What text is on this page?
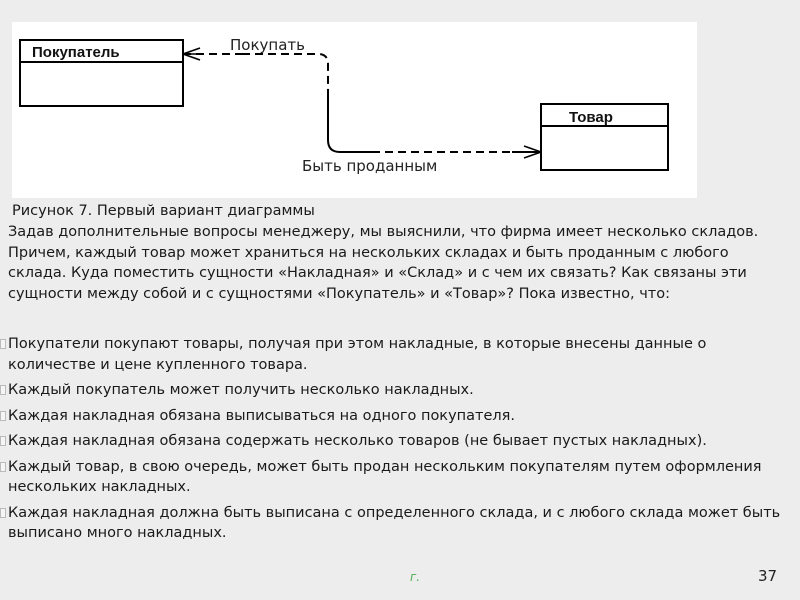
Покупатель
Товар
Покупать
Быть проданным
Рисунок 7. Первый вариант диаграммы
Задав дополнительные вопросы менеджеру, мы выяснили, что фирма имеет несколько складов. Причем, каждый товар может храниться на нескольких складах и быть проданным с любого склада. Куда поместить сущности «Накладная» и «Склад» и с чем их связать? Как связаны эти сущности между собой и с сущностями «Покупатель» и «Товар»? Пока известно, что:
Покупатели покупают товары, получая при этом накладные, в которые внесены данные о количестве и цене купленного товара.
Каждый покупатель может получить несколько накладных.
Каждая накладная обязана выписываться на одного покупателя.
Каждая накладная обязана содержать несколько товаров (не бывает пустых накладных).
Каждый товар, в свою очередь, может быть продан нескольким покупателям путем оформления нескольких накладных.
Каждая накладная должна быть выписана с определенного склада, и с любого склада может быть выписано много накладных.
г.	37
